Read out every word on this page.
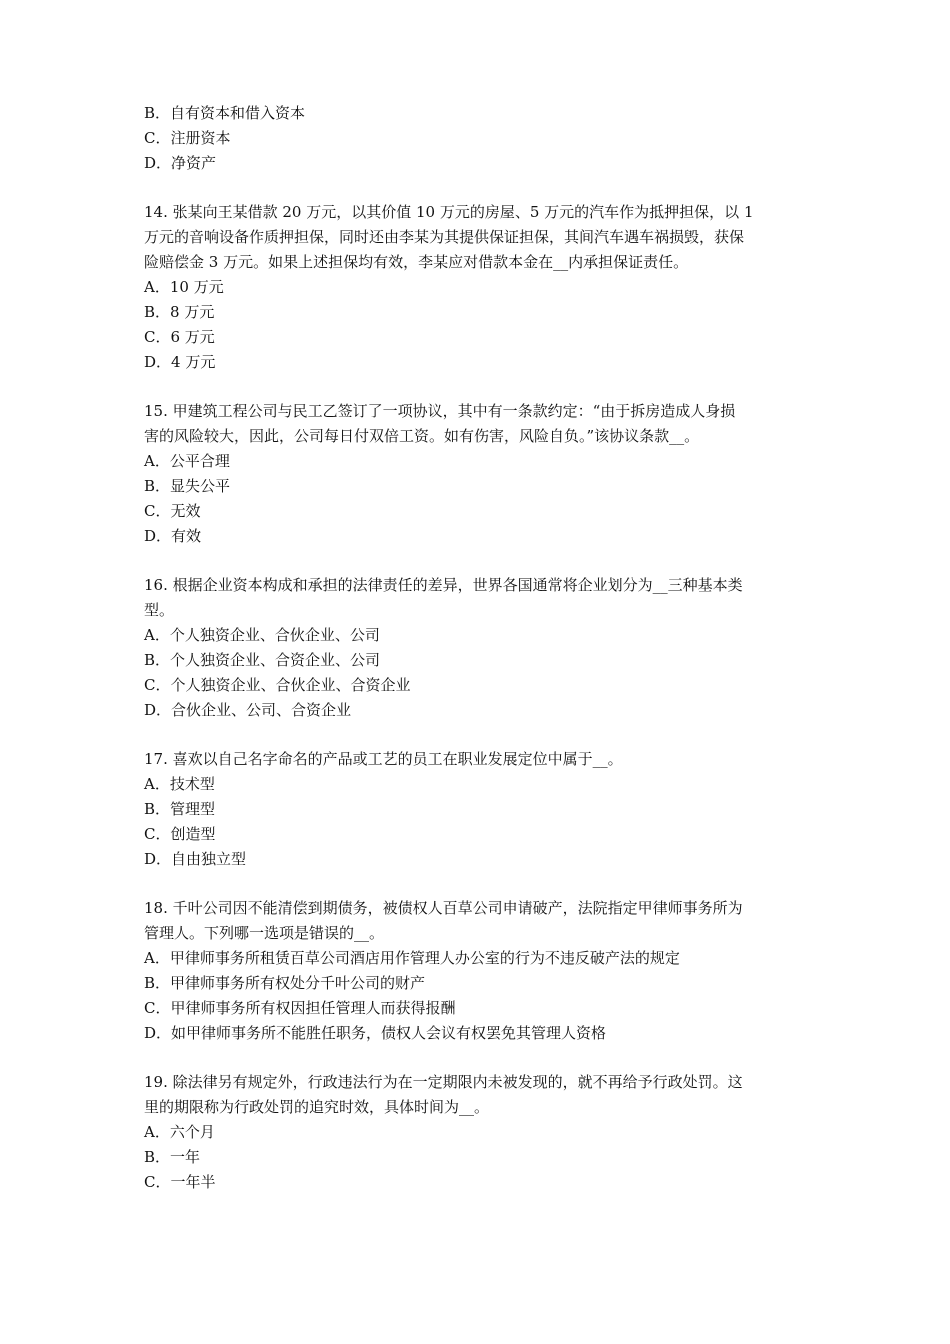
B．自有资本和借入资本
C．注册资本
D．净资产
14. 张某向王某借款 20 万元，以其价值 10 万元的房屋、5 万元的汽车作为抵押担保，以 1
万元的音响设备作质押担保，同时还由李某为其提供保证担保，其间汽车遇车祸损毁，获保
险赔偿金 3 万元。如果上述担保均有效，李某应对借款本金在__内承担保证责任。
A．10 万元
B．8 万元
C．6 万元
D．4 万元
15. 甲建筑工程公司与民工乙签订了一项协议，其中有一条款约定：“由于拆房造成人身损
害的风险较大，因此，公司每日付双倍工资。如有伤害，风险自负。”该协议条款__。
A．公平合理
B．显失公平
C．无效
D．有效
16. 根据企业资本构成和承担的法律责任的差异，世界各国通常将企业划分为__三种基本类
型。
A．个人独资企业、合伙企业、公司
B．个人独资企业、合资企业、公司
C．个人独资企业、合伙企业、合资企业
D．合伙企业、公司、合资企业
17. 喜欢以自己名字命名的产品或工艺的员工在职业发展定位中属于__。
A．技术型
B．管理型
C．创造型
D．自由独立型
18. 千叶公司因不能清偿到期债务，被债权人百草公司申请破产，法院指定甲律师事务所为
管理人。下列哪一选项是错误的__。
A．甲律师事务所租赁百草公司酒店用作管理人办公室的行为不违反破产法的规定
B．甲律师事务所有权处分千叶公司的财产
C．甲律师事务所有权因担任管理人而获得报酬
D．如甲律师事务所不能胜任职务，债权人会议有权罢免其管理人资格
19. 除法律另有规定外，行政违法行为在一定期限内未被发现的，就不再给予行政处罚。这
里的期限称为行政处罚的追究时效，具体时间为__。
A．六个月
B．一年
C．一年半
